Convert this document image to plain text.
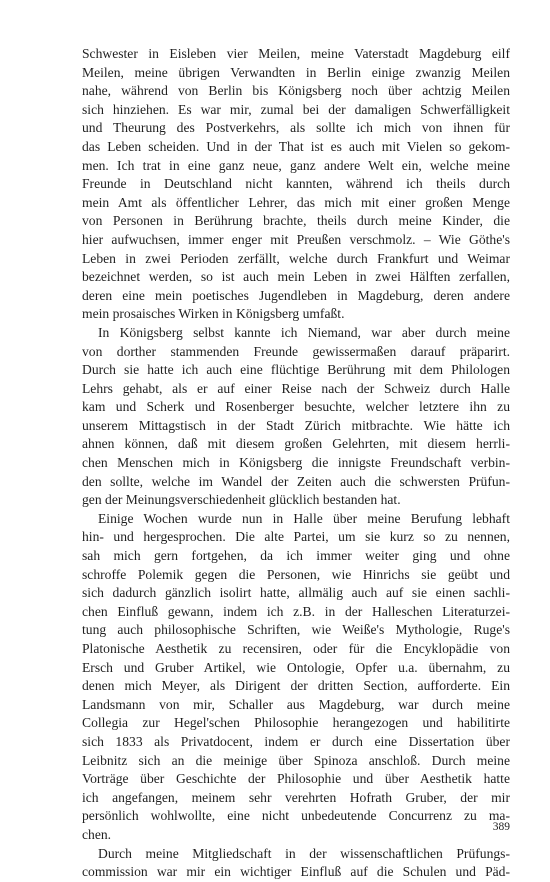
Schwester in Eisleben vier Meilen, meine Vaterstadt Magdeburg eilf
Meilen, meine übrigen Verwandten in Berlin einige zwanzig Meilen
nahe, während von Berlin bis Königsberg noch über achtzig Meilen
sich hinziehen. Es war mir, zumal bei der damaligen Schwerfälligkeit
und Theurung des Postverkehrs, als sollte ich mich von ihnen für
das Leben scheiden. Und in der That ist es auch mit Vielen so gekom-
men. Ich trat in eine ganz neue, ganz andere Welt ein, welche meine
Freunde in Deutschland nicht kannten, während ich theils durch
mein Amt als öffentlicher Lehrer, das mich mit einer großen Menge
von Personen in Berührung brachte, theils durch meine Kinder, die
hier aufwuchsen, immer enger mit Preußen verschmolz. – Wie Göthe's
Leben in zwei Perioden zerfällt, welche durch Frankfurt und Weimar
bezeichnet werden, so ist auch mein Leben in zwei Hälften zerfallen,
deren eine mein poetisches Jugendleben in Magdeburg, deren andere
mein prosaisches Wirken in Königsberg umfaßt.
In Königsberg selbst kannte ich Niemand, war aber durch meine
von dorther stammenden Freunde gewissermaßen darauf präparirt.
Durch sie hatte ich auch eine flüchtige Berührung mit dem Philologen
Lehrs gehabt, als er auf einer Reise nach der Schweiz durch Halle
kam und Scherk und Rosenberger besuchte, welcher letztere ihn zu
unserem Mittagstisch in der Stadt Zürich mitbrachte. Wie hätte ich
ahnen können, daß mit diesem großen Gelehrten, mit diesem herrli-
chen Menschen mich in Königsberg die innigste Freundschaft verbin-
den sollte, welche im Wandel der Zeiten auch die schwersten Prüfun-
gen der Meinungsverschiedenheit glücklich bestanden hat.
Einige Wochen wurde nun in Halle über meine Berufung lebhaft
hin- und hergesprochen. Die alte Partei, um sie kurz so zu nennen,
sah mich gern fortgehen, da ich immer weiter ging und ohne
schroffe Polemik gegen die Personen, wie Hinrichs sie geübt und
sich dadurch gänzlich isolirt hatte, allmälig auch auf sie einen sachli-
chen Einfluß gewann, indem ich z.B. in der Halleschen Literaturzei-
tung auch philosophische Schriften, wie Weiße's Mythologie, Ruge's
Platonische Aesthetik zu recensiren, oder für die Encyklopädie von
Ersch und Gruber Artikel, wie Ontologie, Opfer u.a. übernahm, zu
denen mich Meyer, als Dirigent der dritten Section, aufforderte. Ein
Landsmann von mir, Schaller aus Magdeburg, war durch meine
Collegia zur Hegel'schen Philosophie herangezogen und habilitirte
sich 1833 als Privatdocent, indem er durch eine Dissertation über
Leibnitz sich an die meinige über Spinoza anschloß. Durch meine
Vorträge über Geschichte der Philosophie und über Aesthetik hatte
ich angefangen, meinem sehr verehrten Hofrath Gruber, der mir
persönlich wohlwollte, eine nicht unbedeutende Concurrenz zu ma-
chen.
Durch meine Mitgliedschaft in der wissenschaftlichen Prüfungs-
commission war mir ein wichtiger Einfluß auf die Schulen und Päd-
389
